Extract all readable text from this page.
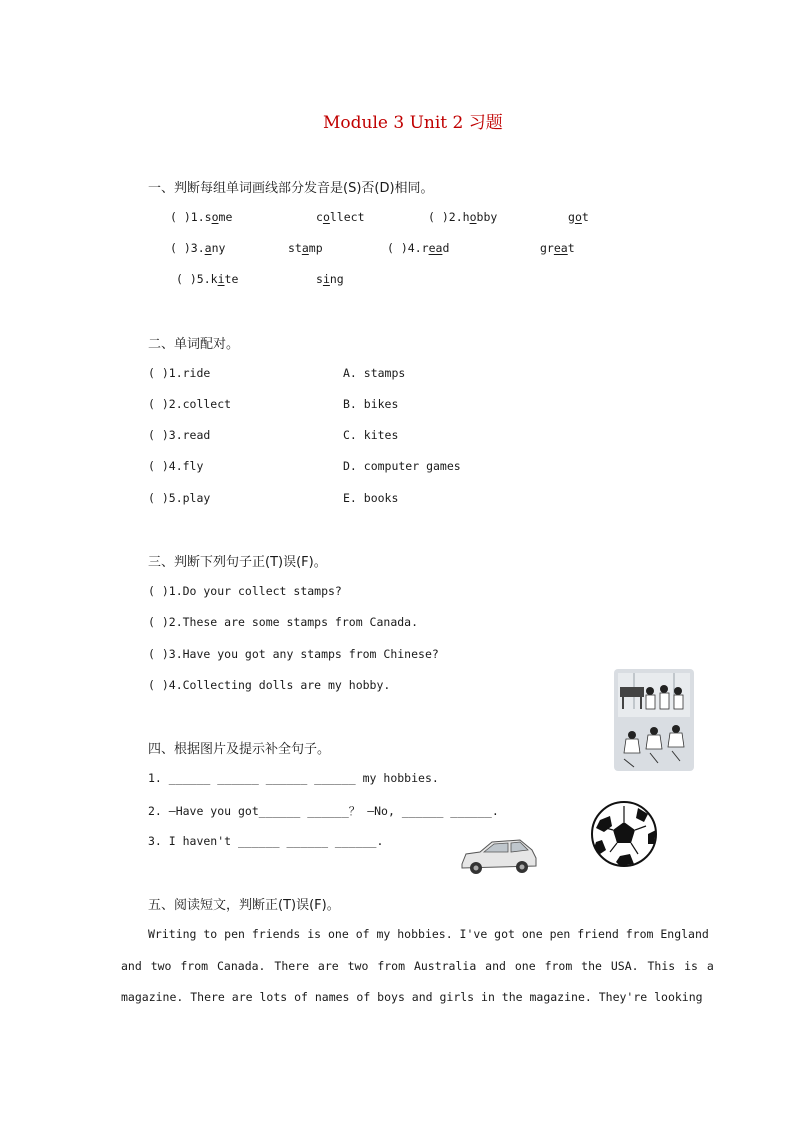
Module 3 Unit 2 习题
一、判断每组单词画线部分发音是(S)否(D)相同。
( )1.some	collect	( )2.hobby	got
( )3.any	stamp	( )4.read	great
( )5.kite	sing
二、单词配对。
( )1.ride	A. stamps
( )2.collect	B. bikes
( )3.read	C. kites
( )4.fly	D. computer games
( )5.play	E. books
三、判断下列句子正(T)误(F)。
( )1.Do your collect stamps?
( )2.These are some stamps from Canada.
( )3.Have you got any stamps from Chinese?
( )4.Collecting dolls are my hobby.
四、根据图片及提示补全句子。
1. ______ ______ ______ ______ my hobbies.
2. —Have you got______ ______？ —No, ______ ______.
3. I haven't ______ ______ ______.
五、阅读短文，判断正(T)误(F)。
Writing to pen friends is one of my hobbies. I've got one pen friend from England
and two from Canada. There are two from Australia and one from the USA. This is a
magazine. There are lots of names of boys and girls in the magazine. They're looking
